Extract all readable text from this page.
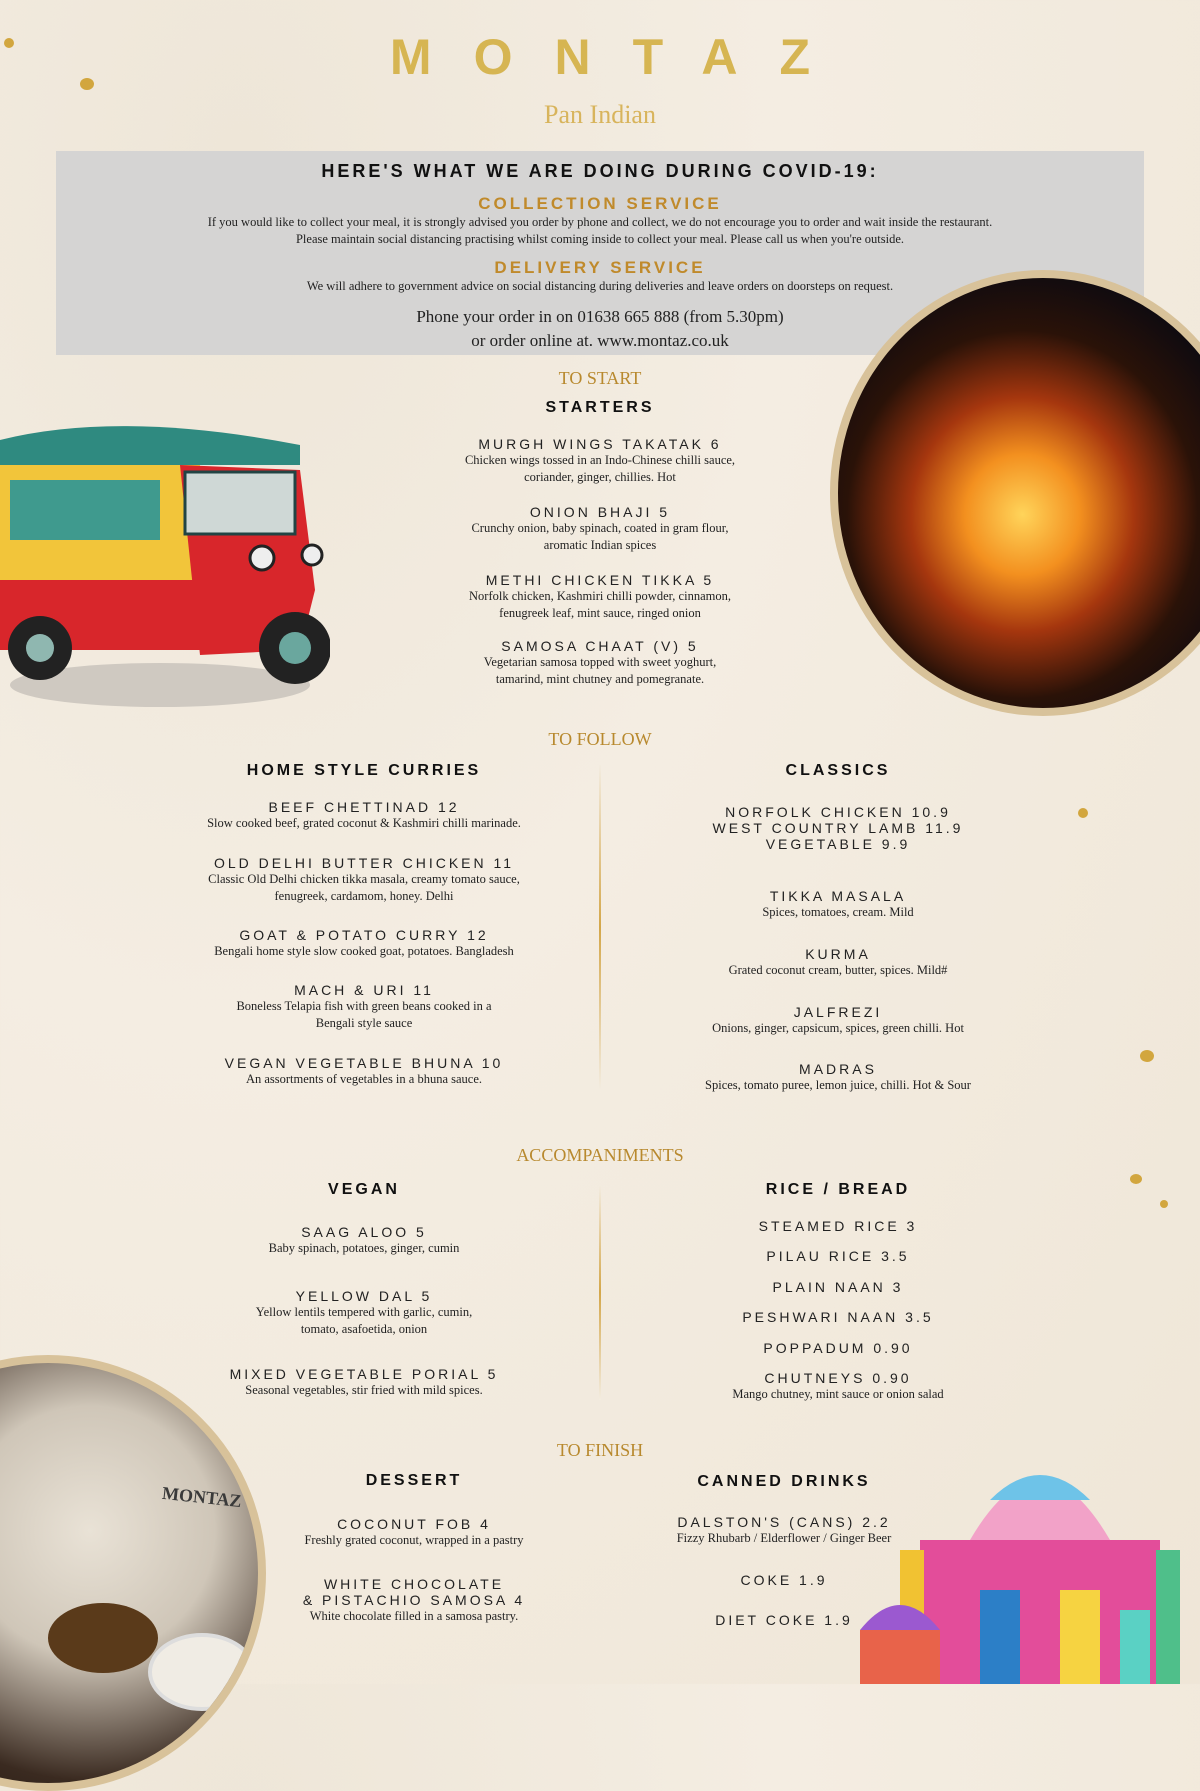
MONTAZ
Pan Indian
HERE'S WHAT WE ARE DOING DURING COVID-19:
COLLECTION SERVICE

If you would like to collect your meal, it is strongly advised you order by phone and collect, we do not encourage you to order and wait inside the restaurant.

Please maintain social distancing practising whilst coming inside to collect your meal. Please call us when you're outside.

DELIVERY SERVICE

We will adhere to government advice on social distancing during deliveries and leave orders on doorsteps on request.

Phone your order in on 01638 665 888 (from 5.30pm)

or order online at. www.montaz.co.uk

TO START
STARTERS
MURGH WINGS TAKATAK 6
Chicken wings tossed in an Indo-Chinese chilli sauce,
coriander, ginger, chillies. Hot
ONION BHAJI 5
Crunchy onion, baby spinach, coated in gram flour,
aromatic Indian spices
METHI CHICKEN TIKKA 5
Norfolk chicken, Kashmiri chilli powder, cinnamon,
fenugreek leaf, mint sauce, ringed onion
SAMOSA CHAAT (V) 5
Vegetarian samosa topped with sweet yoghurt,
tamarind, mint chutney and pomegranate.
TO FOLLOW
HOME STYLE CURRIES
BEEF CHETTINAD 12
Slow cooked beef, grated coconut & Kashmiri chilli marinade.
OLD DELHI BUTTER CHICKEN 11
Classic Old Delhi chicken tikka masala, creamy tomato sauce,
fenugreek, cardamom, honey. Delhi
GOAT & POTATO CURRY 12
Bengali home style slow cooked goat, potatoes. Bangladesh
MACH & URI 11
Boneless Telapia fish with green beans cooked in a
Bengali style sauce
VEGAN VEGETABLE BHUNA 10
An assortments of vegetables in a bhuna sauce.
CLASSICS
NORFOLK CHICKEN 10.9
WEST COUNTRY LAMB 11.9
VEGETABLE 9.9
TIKKA MASALA
Spices, tomatoes, cream. Mild
KURMA
Grated coconut cream, butter, spices. Mild#
JALFREZI
Onions, ginger, capsicum, spices, green chilli. Hot
MADRAS
Spices, tomato puree, lemon juice, chilli. Hot & Sour
ACCOMPANIMENTS
VEGAN
SAAG ALOO 5
Baby spinach, potatoes, ginger, cumin
YELLOW DAL 5
Yellow lentils tempered with garlic, cumin,
tomato, asafoetida, onion
MIXED VEGETABLE PORIAL 5
Seasonal vegetables, stir fried with mild spices.
RICE / BREAD
STEAMED RICE 3
PILAU RICE 3.5
PLAIN NAAN 3
PESHWARI NAAN 3.5
POPPADUM 0.90
CHUTNEYS 0.90
Mango chutney, mint sauce or onion salad
MONTAZ
TO FINISH
DESSERT
COCONUT FOB 4
Freshly grated coconut, wrapped in a pastry
WHITE CHOCOLATE
& PISTACHIO SAMOSA 4
White chocolate filled in a samosa pastry.
CANNED DRINKS
DALSTON'S (CANS) 2.2
Fizzy Rhubarb / Elderflower / Ginger Beer
COKE 1.9
DIET COKE 1.9
